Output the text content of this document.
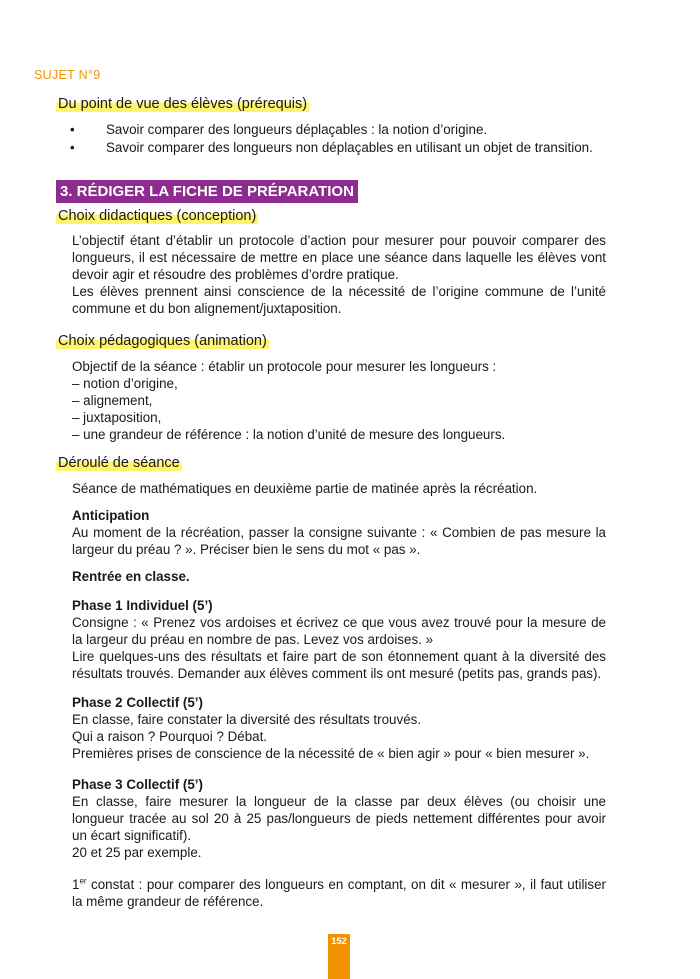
SUJET N°9
Du point de vue des élèves (prérequis)
• Savoir comparer des longueurs déplaçables : la notion d’origine.
• Savoir comparer des longueurs non déplaçables en utilisant un objet de transition.
3. RÉDIGER LA FICHE DE PRÉPARATION
Choix didactiques (conception)

L’objectif étant d’établir un protocole d’action pour mesurer pour pouvoir comparer des longueurs, il est nécessaire de mettre en place une séance dans laquelle les élèves vont devoir agir et résoudre des problèmes d’ordre pratique.

Les élèves prennent ainsi conscience de la nécessité de l’origine commune de l’unité commune et du bon alignement/juxtaposition.

Choix pédagogiques (animation)

Objectif de la séance : établir un protocole pour mesurer les longueurs :

– notion d’origine,

– alignement,

– juxtaposition,

– une grandeur de référence : la notion d’unité de mesure des longueurs.

Déroulé de séance
Séance de mathématiques en deuxième partie de matinée après la récréation.

Anticipation

Au moment de la récréation, passer la consigne suivante : « Combien de pas mesure la largeur du préau ? ». Préciser bien le sens du mot « pas ».

Rentrée en classe.

Phase 1 Individuel (5’)

Consigne : « Prenez vos ardoises et écrivez ce que vous avez trouvé pour la mesure de la largeur du préau en nombre de pas. Levez vos ardoises. »

Lire quelques-uns des résultats et faire part de son étonnement quant à la diversité des résultats trouvés. Demander aux élèves comment ils ont mesuré (petits pas, grands pas).

Phase 2 Collectif (5’)

En classe, faire constater la diversité des résultats trouvés.

Qui a raison ? Pourquoi ? Débat.

Premières prises de conscience de la nécessité de « bien agir » pour « bien mesurer ».

Phase 3 Collectif (5’)

En classe, faire mesurer la longueur de la classe par deux élèves (ou choisir une longueur tracée au sol 20 à 25 pas/longueurs de pieds nettement différentes pour avoir un écart significatif).

20 et 25 par exemple.

1er constat : pour comparer des longueurs en comptant, on dit « mesurer », il faut utiliser la même grandeur de référence.
152
